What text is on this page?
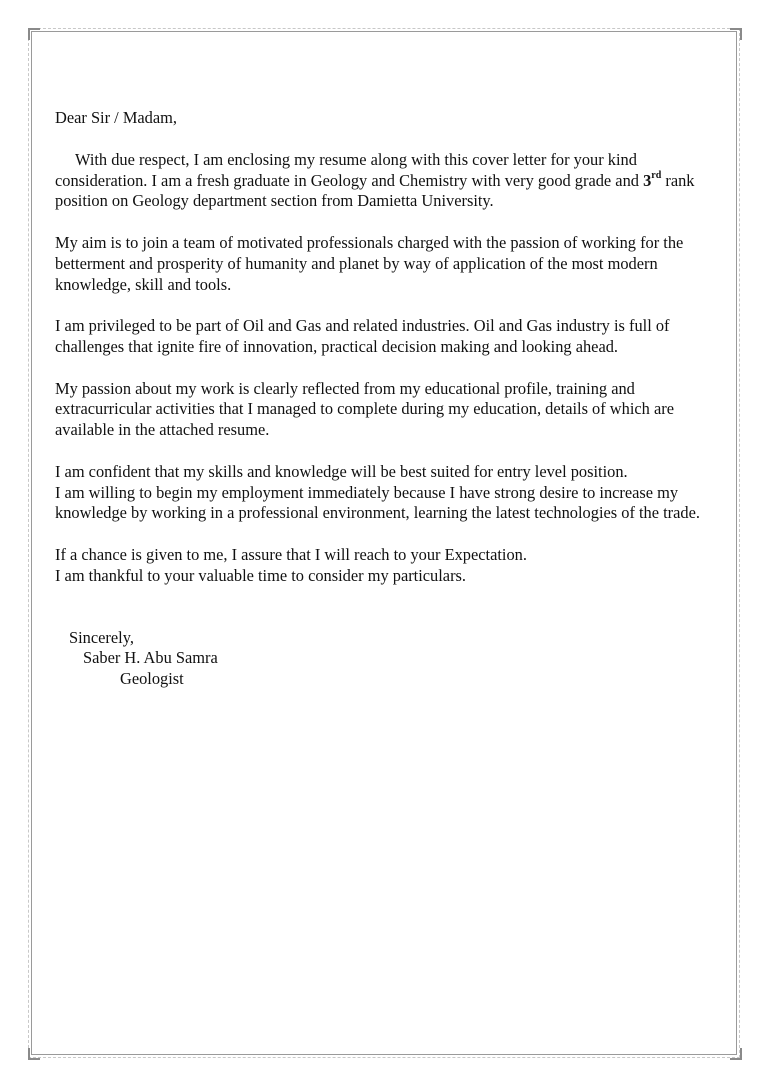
Dear Sir / Madam,

With due respect, I am enclosing my resume along with this cover letter for your kind consideration. I am a fresh graduate in Geology and Chemistry with very good grade and 3rd rank position on Geology department section from Damietta University.

My aim is to join a team of motivated professionals charged with the passion of working for the betterment and prosperity of humanity and planet by way of application of the most modern knowledge, skill and tools.

I am privileged to be part of Oil and Gas and related industries. Oil and Gas industry is full of challenges that ignite fire of innovation, practical decision making and looking ahead.

My passion about my work is clearly reflected from my educational profile, training and extracurricular activities that I managed to complete during my education, details of which are available in the attached resume.

I am confident that my skills and knowledge will be best suited for entry level position.

I am willing to begin my employment immediately because I have strong desire to increase my knowledge by working in a professional environment, learning the latest technologies of the trade.

If a chance is given to me, I assure that I will reach to your Expectation.

I am thankful to your valuable time to consider my particulars.

Sincerely,
Saber H. Abu Samra
Geologist
